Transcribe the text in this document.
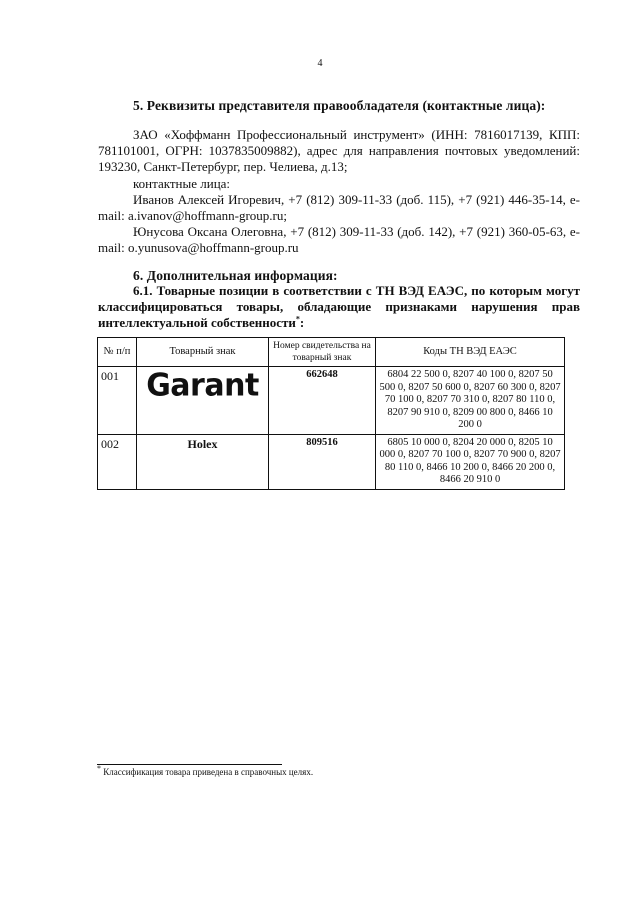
4
5. Реквизиты представителя правообладателя (контактные лица):
ЗАО «Хоффманн Профессиональный инструмент» (ИНН: 7816017139, КПП: 781101001, ОГРН: 1037835009882), адрес для направления почтовых уведомлений: 193230, Санкт-Петербург, пер. Челиева, д.13;
контактные лица:
Иванов Алексей Игоревич, +7 (812) 309-11-33 (доб. 115), +7 (921) 446-35-14, e-mail: a.ivanov@hoffmann-group.ru;
Юнусова Оксана Олеговна, +7 (812) 309-11-33 (доб. 142), +7 (921) 360-05-63, e-mail: o.yunusova@hoffmann-group.ru
6. Дополнительная информация:
6.1. Товарные позиции в соответствии с ТН ВЭД ЕАЭС, по которым могут классифицироваться товары, обладающие признаками нарушения прав интеллектуальной собственности*:
№ п/п	Товарный знак	Номер свидетельства на товарный знак	Коды ТН ВЭД ЕАЭС
001	Garant	662648	6804 22 500 0, 8207 40 100 0, 8207 50 500 0, 8207 50 600 0, 8207 60 300 0, 8207 70 100 0, 8207 70 310 0, 8207 80 110 0, 8207 90 910 0, 8209 00 800 0, 8466 10 200 0
002	Holex	809516	6805 10 000 0, 8204 20 000 0, 8205 10 000 0, 8207 70 100 0, 8207 70 900 0, 8207 80 110 0, 8466 10 200 0, 8466 20 200 0, 8466 20 910 0
* Классификация товара приведена в справочных целях.
